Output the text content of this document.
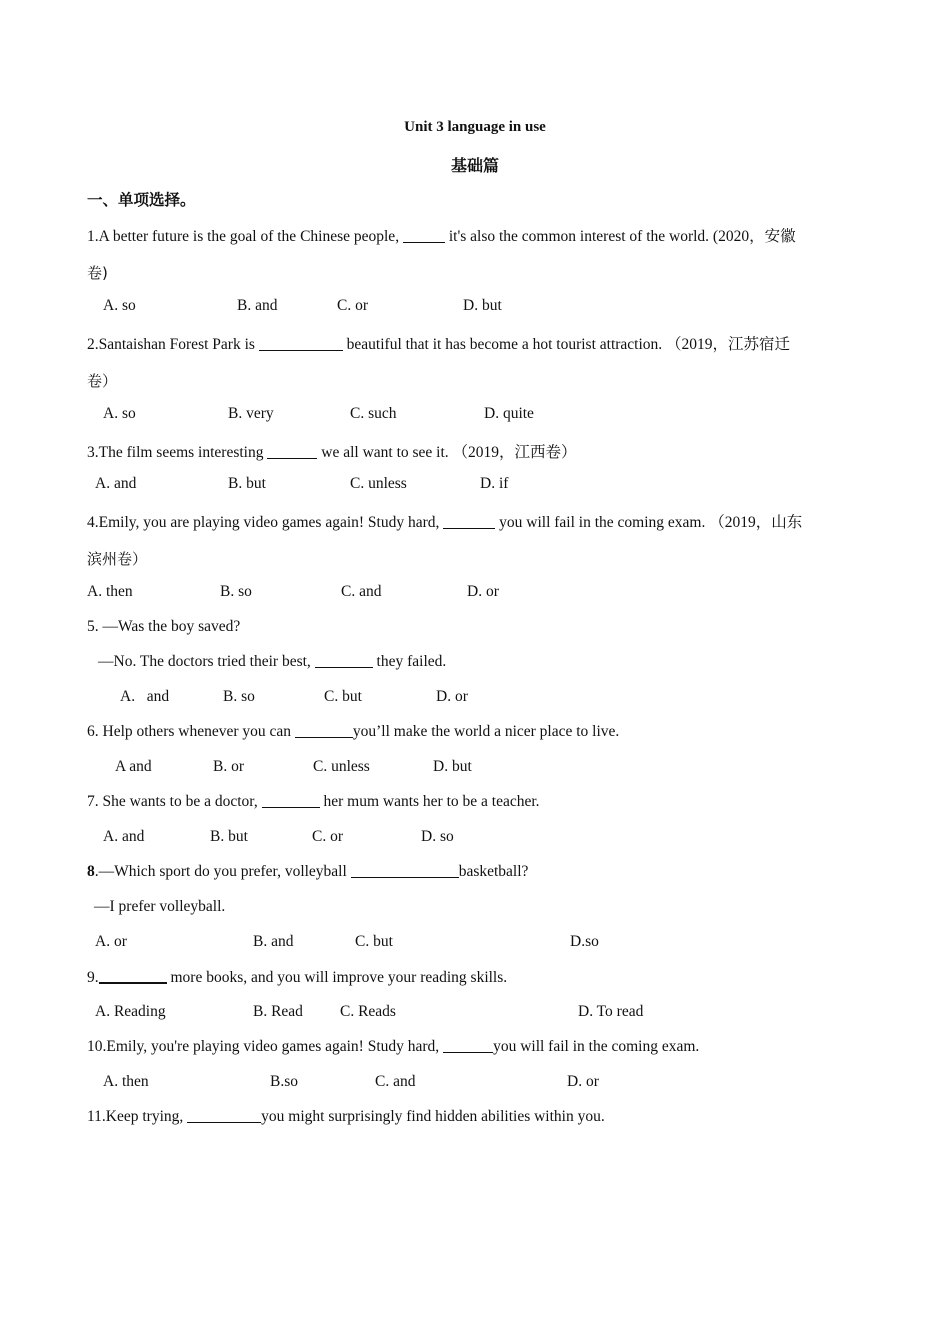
Unit 3 language in use
基础篇
一、单项选择。
1.A better future is the goal of the Chinese people,	it's also the common interest of the world. (2020，安徽
卷)
A. so	B. and	C. or	D. but
2.Santaishan Forest Park is	beautiful that it has become a hot tourist attraction. （2019，江苏宿迁
卷）
A. so	B. very	C. such	D. quite
3.The film seems interesting	we all want to see it. （2019，江西卷）
A. and	B. but	C. unless	D. if
4.Emily, you are playing video games again! Study hard,	you will fail in the coming exam. （2019，山东
滨州卷）
A. then	B. so	C. and	D. or
5. —Was the boy saved?
—No. The doctors tried their best,	they failed.
A.   and	B. so	C. but	D. or
6. Help others whenever you can	you’ll make the world a nicer place to live.
A and	B. or	C. unless	D. but
7. She wants to be a doctor,	her mum wants her to be a teacher.
A. and	B. but	C. or	D. so
8.—Which sport do you prefer, volleyball	basketball?
—I prefer volleyball.
A. or	B. and	C. but	D.so
9.	more books, and you will improve your reading skills.
A. Reading	B. Read C. Reads	D. To read
10.Emily, you're playing video games again! Study hard,	you will fail in the coming exam.
A. then	B.so	C. and	D. or
11.Keep trying,	you might surprisingly find hidden abilities within you.
